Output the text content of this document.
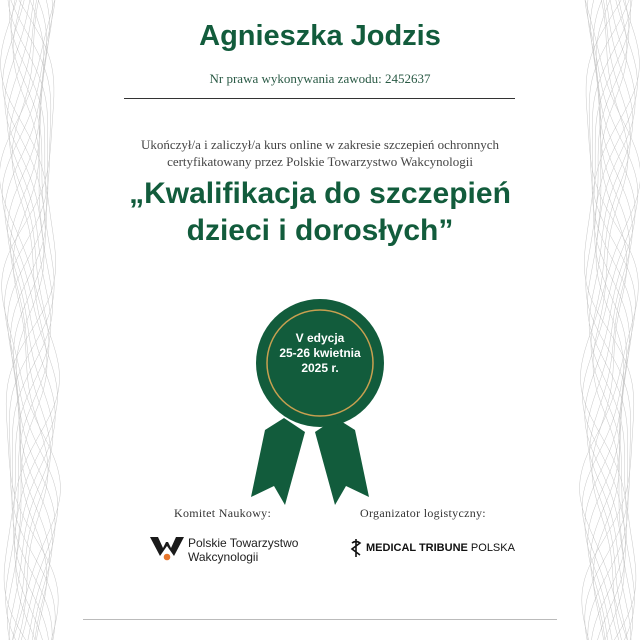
Agnieszka Jodzis
Nr prawa wykonywania zawodu: 2452637
Ukończył/a i zaliczył/a kurs online w zakresie szczepień ochronnych
certyfikatowany przez Polskie Towarzystwo Wakcynologii
„Kwalifikacja do szczepień
dzieci i dorosłych”
V edycja
25-26 kwietnia
2025 r.
Komitet Naukowy:	Organizator logistyczny:
Polskie Towarzystwo
Wakcynologii
MEDICAL TRIBUNE POLSKA
